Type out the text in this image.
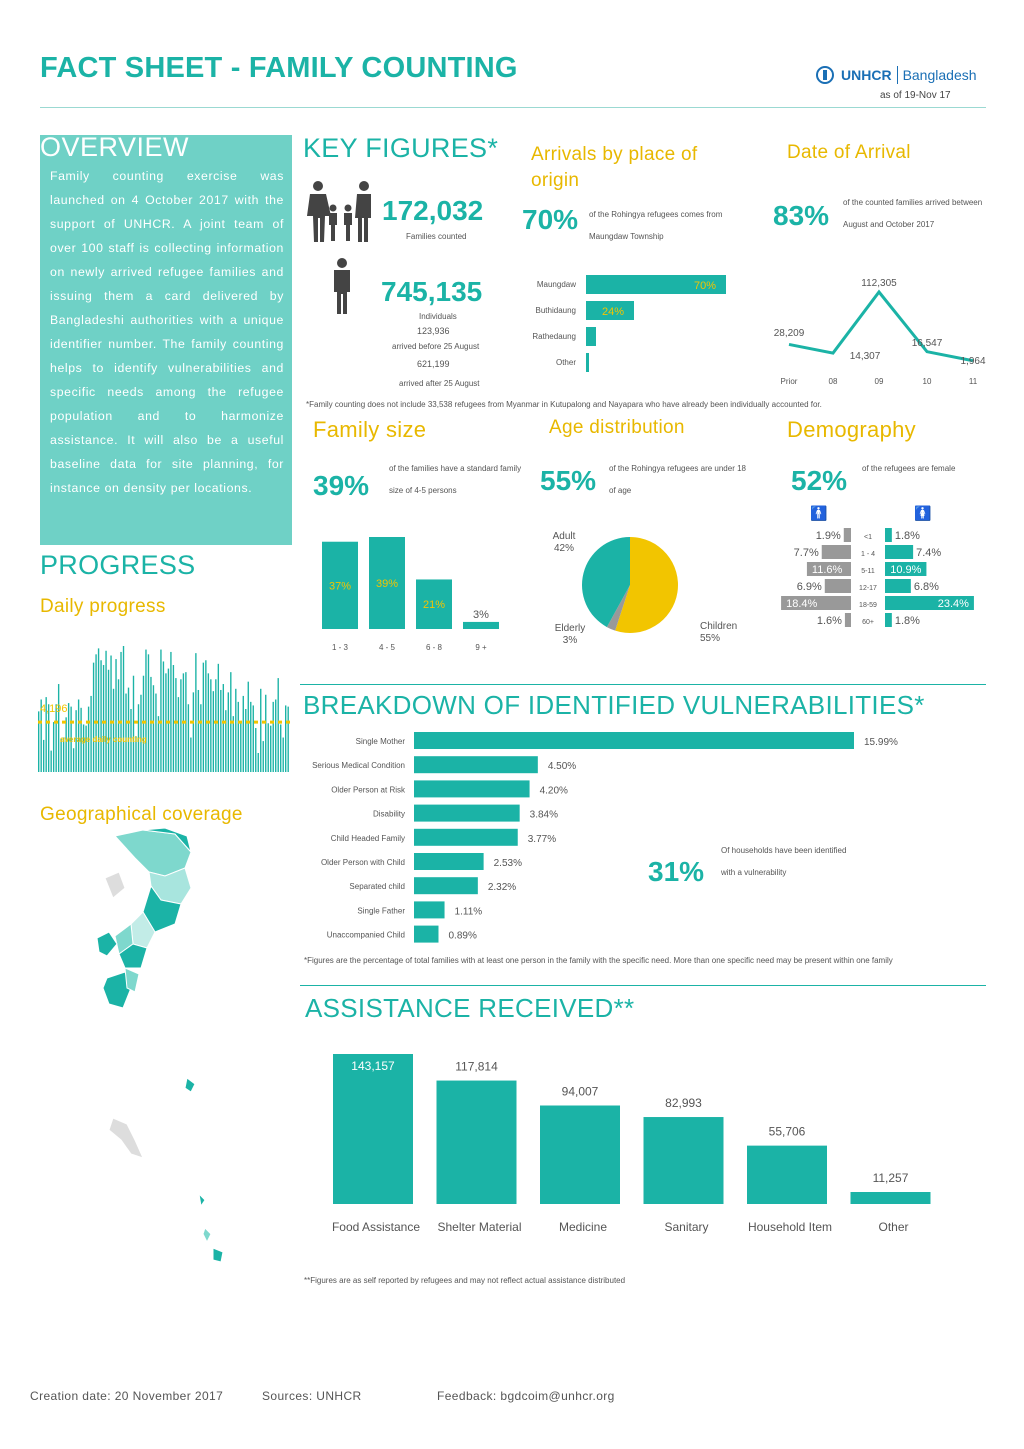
FACT SHEET - FAMILY COUNTING	UNHCR Bangladesh
as of 19-Nov 17
OVERVIEW
Family counting exercise was launched on 4 October 2017 with the support of UNHCR. A joint team of over 100 staff is collecting information on newly arrived refugee families and issuing them a card delivered by Bangladeshi authorities with a unique identifier number. The family counting helps to identify vulnerabilities and specific needs among the refugee population and to harmonize assistance. It will also be a useful baseline data for site planning, for instance on density per locations.
KEY FIGURES*
172,032
Families counted
745,135
Individuals
123,936
arrived before 25 August
621,199
arrived after 25 August
Arrivals by place of origin
70% of the Rohingya refugees comes from Maungdaw Township
Maungdaw	70%
Buthidaung 24%
Rathedaung
Other
Date of Arrival
83% of the counted families arrived between August and October 2017
Prior
28,209
08
14,307
09
112,305
10
16,547
11
1,964
*Family counting does not include 33,538 refugees from Myanmar in Kutupalong and Nayapara who have already been individually accounted for.
Family size
39%
of the families have a standard family size of 4-5 persons
37%
1 - 3
39%
4 - 5
21%
6 - 8
3%
9 +
Age distribution
55% of the Rohingya refugees are under 18 of age
Children
55%
Elderly
3%
Adult
42%
Demography
52% of the refugees are female
🚹	🚺
<1
1.9%	1.8%
1 - 4
7.7%	7.4%
5-11
11.6%	10.9%
12-17
6.9%	6.8%
18-59
18.4%	23.4%
60+
1.6%	1.8%
PROGRESS
Daily progress
4,196
average daily counting
Geographical coverage
BREAKDOWN OF IDENTIFIED VULNERABILITIES*
Single Mother	15.99%
Serious Medical Condition	4.50%
Older Person at Risk	4.20%
Disability	3.84%
Child Headed Family	3.77%
Older Person with Child	2.53%
Separated child	2.32%
Single Father	1.11%
Unaccompanied Child	0.89%
31%
Of households have been identified with a vulnerability
*Figures are the percentage of total families with at least one person in the family with the specific need. More than one specific need may be present within one family
ASSISTANCE RECEIVED**
143,157
Food Assistance
117,814
Shelter Material
94,007
Medicine
82,993
Sanitary
55,706
Household Item
11,257
Other
**Figures are as self reported by refugees and may not reflect actual assistance distributed
Creation date: 20 November 2017	Sources: UNHCR	Feedback: bgdcoim@unhcr.org
